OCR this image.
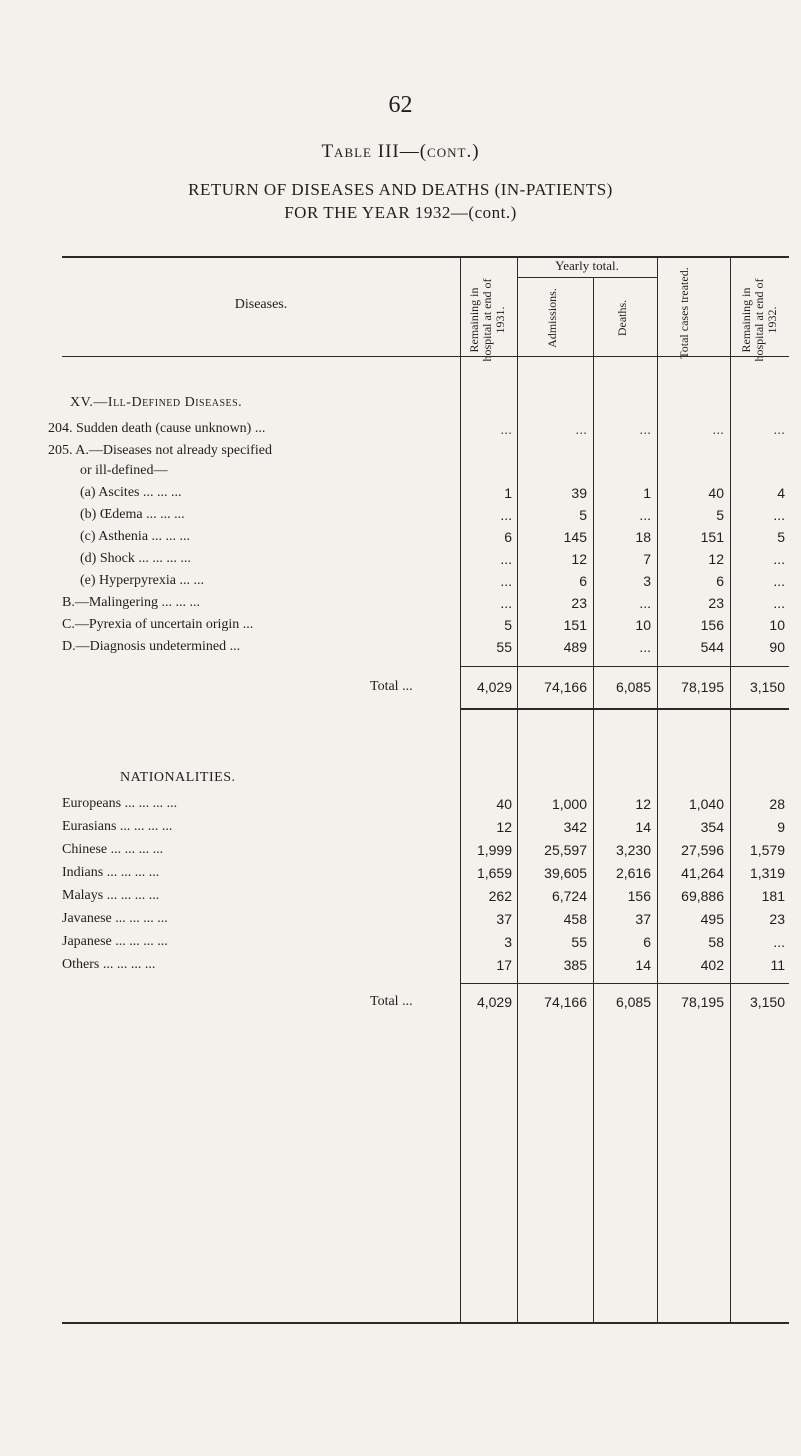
62
Table III—(cont.)
RETURN OF DISEASES AND DEATHS (IN-PATIENTS)
FOR THE YEAR 1932—(cont.)
Diseases.	Remaining in hospital at end of 1931.
Yearly total.
Admissions.	Deaths.	Total cases treated.	Remaining in hospital at end of 1932.
XV.—Ill-Defined Diseases.
204. Sudden death (cause unknown) ...	...	...	...	...	...
205. A.—Diseases not already specified
or ill-defined—
(a) Ascites ... ... ...	1	39	1	40	4
(b) Œdema ... ... ...	...	5	...	5	...
(c) Asthenia ... ... ...	6	145	18	151	5
(d) Shock ... ... ... ...	...	12	7	12	...
(e) Hyperpyrexia ... ...	...	6	3	6	...
B.—Malingering ... ... ...	...	23	...	23	...
C.—Pyrexia of uncertain origin ...	5	151	10	156	10
D.—Diagnosis undetermined ...	55	489	...	544	90
Total ...	4,029	74,166	6,085	78,195	3,150
NATIONALITIES.
Europeans ... ... ... ...	40	1,000	12	1,040	28
Eurasians ... ... ... ...	12	342	14	354	9
Chinese ... ... ... ...	1,999	25,597	3,230	27,596	1,579
Indians ... ... ... ...	1,659	39,605	2,616	41,264	1,319
Malays ... ... ... ...	262	6,724	156	69,886	181
Javanese ... ... ... ...	37	458	37	495	23
Japanese ... ... ... ...	3	55	6	58	...
Others ... ... ... ...	17	385	14	402	11
Total ...	4,029	74,166	6,085	78,195	3,150
